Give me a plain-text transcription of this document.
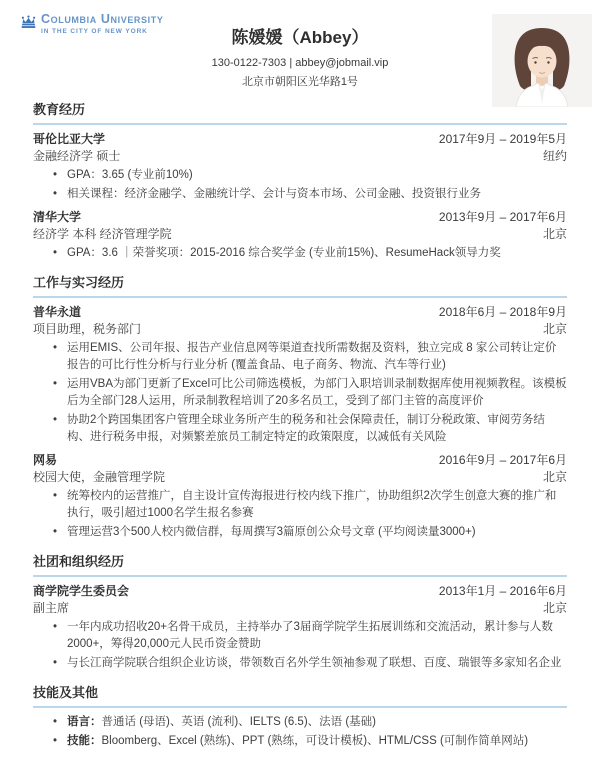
Columbia University
IN THE CITY OF NEW YORK	陈媛媛（Abbey）
130-0122-7303 | abbey@jobmail.vip
北京市朝阳区光华路1号
教育经历
哥伦比亚大学	2017年9月 – 2019年5月
金融经济学 硕士	纽约
• GPA：3.65 (专业前10%)
• 相关课程：经济金融学、金融统计学、会计与资本市场、公司金融、投资银行业务
清华大学	2013年9月 – 2017年6月
经济学 本科 经济管理学院	北京
• GPA：3.6 ｜荣誉奖项：2015-2016 综合奖学金 (专业前15%)、ResumeHack领导力奖
工作与实习经历
普华永道	2018年6月 – 2018年9月
项目助理，税务部门	北京
• 运用EMIS、公司年报、报告产业信息网等渠道查找所需数据及资料，独立完成 8 家公司转让定价报告的可比行性分析与行业分析 (覆盖食品、电子商务、物流、汽车等行业)
• 运用VBA为部门更新了Excel可比公司筛选模板，为部门入职培训录制数据库使用视频教程。该模板后为全部门28人运用，所录制教程培训了20多名员工，受到了部门主管的高度评价
• 协助2个跨国集团客户管理全球业务所产生的税务和社会保障责任，制订分税政策、审阅劳务结构、进行税务申报，对频繁差旅员工制定特定的政策限度，以减低有关风险
网易	2016年9月 – 2017年6月
校园大使，金融管理学院	北京
• 统筹校内的运营推广，自主设计宣传海报进行校内线下推广，协助组织2次学生创意大赛的推广和执行，吸引超过1000名学生报名参赛
• 管理运营3个500人校内微信群，每周撰写3篇原创公众号文章 (平均阅读量3000+)
社团和组织经历
商学院学生委员会	2013年1月 – 2016年6月
副主席	北京
• 一年内成功招收20+名骨干成员，主持举办了3届商学院学生拓展训练和交流活动，累计参与人数2000+，筹得20,000元人民币资金赞助
• 与长江商学院联合组织企业访谈，带领数百名外学生领袖参观了联想、百度、瑞银等多家知名企业
技能及其他
• 语言：普通话 (母语)、英语 (流利)、IELTS (6.5)、法语 (基础)
• 技能：Bloomberg、Excel (熟练)、PPT (熟练，可设计模板)、HTML/CSS (可制作简单网站)
